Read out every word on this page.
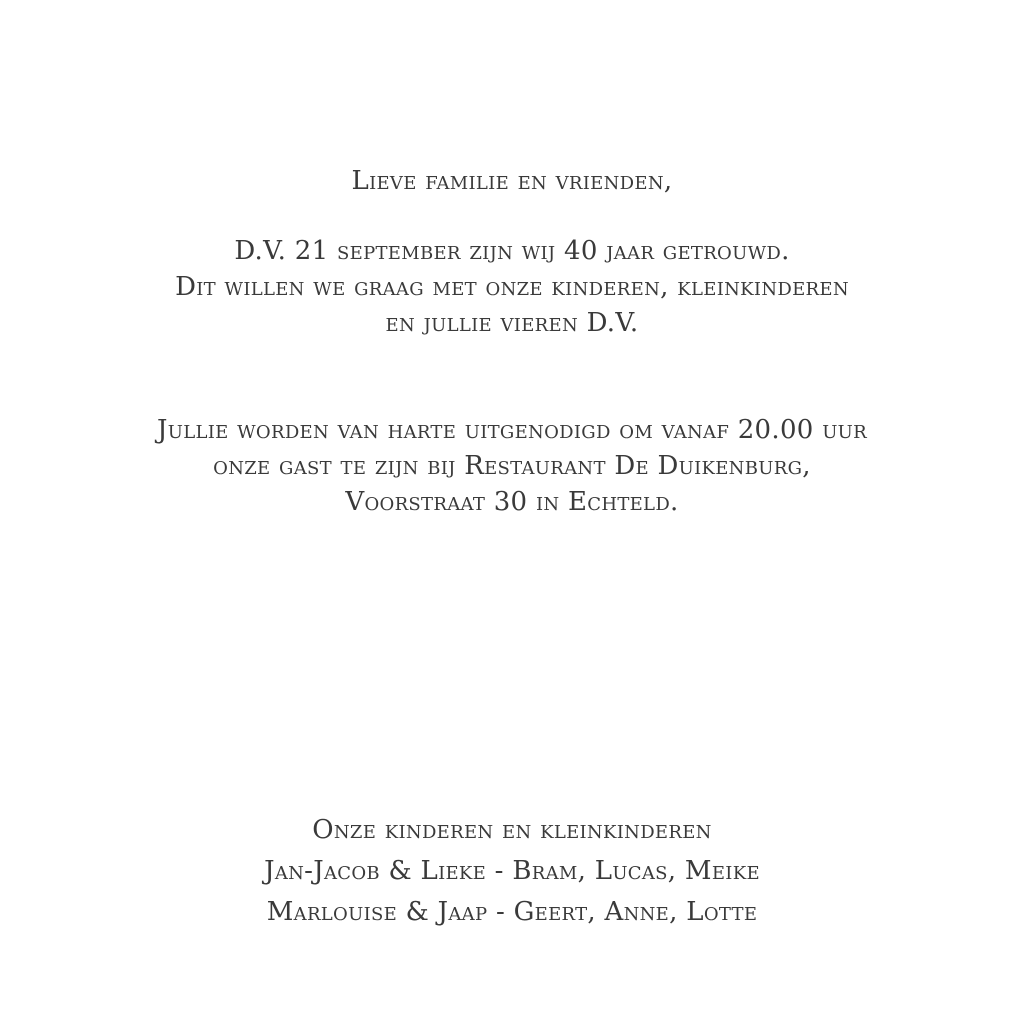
Lieve familie en vrienden,
D.V. 21 september zijn wij 40 jaar getrouwd.
Dit willen we graag met onze kinderen, kleinkinderen
en jullie vieren D.V.
Jullie worden van harte uitgenodigd om vanaf 20.00 uur
onze gast te zijn bij Restaurant De Duikenburg,
Voorstraat 30 in Echteld.
Onze kinderen en kleinkinderen
Jan-Jacob & Lieke - Bram, Lucas, Meike
Marlouise & Jaap - Geert, Anne, Lotte
